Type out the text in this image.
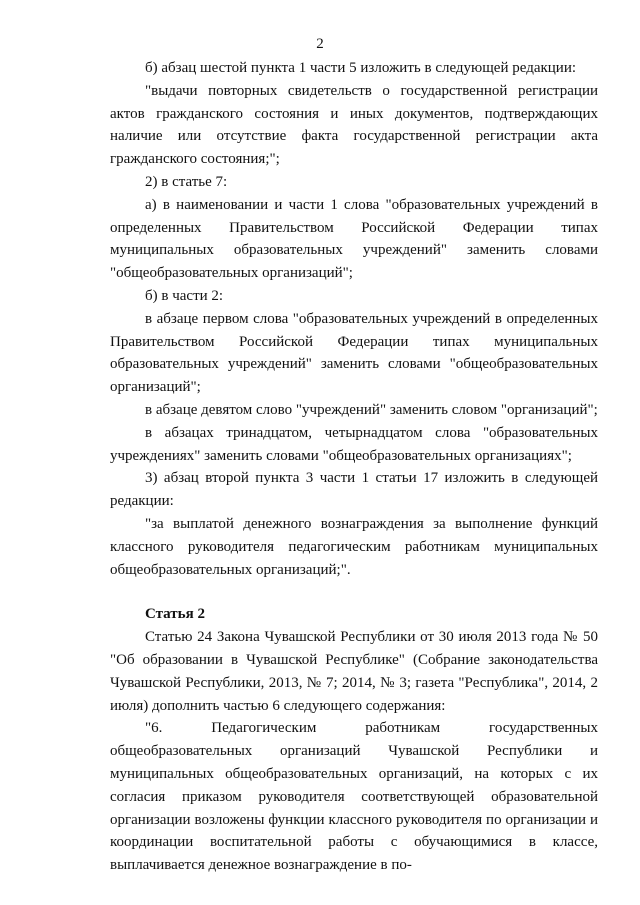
2

б) абзац шестой пункта 1 части 5 изложить в следующей редакции:

"выдачи повторных свидетельств о государственной регистрации актов гражданского состояния и иных документов, подтверждающих наличие или отсутствие факта государственной регистрации акта гражданского состояния;";

2) в статье 7:

а) в наименовании и части 1 слова "образовательных учреждений в определенных Правительством Российской Федерации типах муниципальных образовательных учреждений" заменить словами "общеобразовательных организаций";

б) в части 2:

в абзаце первом слова "образовательных учреждений в определенных Правительством Российской Федерации типах муниципальных образовательных учреждений" заменить словами "общеобразовательных организаций";

в абзаце девятом слово "учреждений" заменить словом "организаций";

в абзацах тринадцатом, четырнадцатом слова "образовательных учреждениях" заменить словами "общеобразовательных организациях";

3) абзац второй пункта 3 части 1 статьи 17 изложить в следующей редакции:

"за выплатой денежного вознаграждения за выполнение функций классного руководителя педагогическим работникам муниципальных общеобразовательных организаций;".

Статья 2

Статью 24 Закона Чувашской Республики от 30 июля 2013 года № 50 "Об образовании в Чувашской Республике" (Собрание законодательства Чувашской Республики, 2013, № 7; 2014, № 3; газета "Республика", 2014, 2 июля) дополнить частью 6 следующего содержания:

"6. Педагогическим работникам государственных общеобразовательных организаций Чувашской Республики и муниципальных общеобразовательных организаций, на которых с их согласия приказом руководителя соответствующей образовательной организации возложены функции классного руководителя по организации и координации воспитательной работы с обучающимися в классе, выплачивается денежное вознаграждение в по-
